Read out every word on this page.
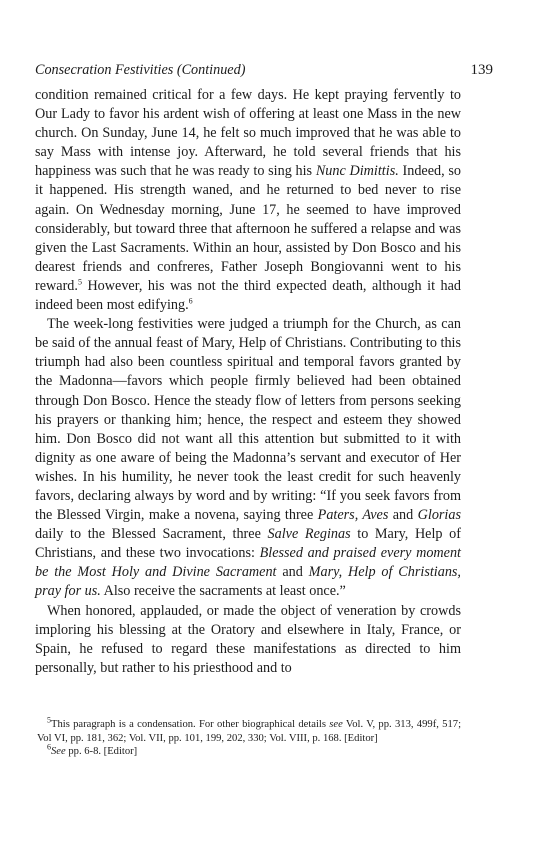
Consecration Festivities (Continued)	139

condition remained critical for a few days. He kept praying fervently to Our Lady to favor his ardent wish of offering at least one Mass in the new church. On Sunday, June 14, he felt so much improved that he was able to say Mass with intense joy. Afterward, he told several friends that his happiness was such that he was ready to sing his Nunc Dimittis. Indeed, so it happened. His strength waned, and he returned to bed never to rise again. On Wednesday morning, June 17, he seemed to have improved considerably, but toward three that afternoon he suffered a relapse and was given the Last Sacraments. Within an hour, assisted by Don Bosco and his dearest friends and confreres, Father Joseph Bongiovanni went to his reward.$^5$ However, his was not the third expected death, although it had indeed been most edifying.$^6$

The week-long festivities were judged a triumph for the Church, as can be said of the annual feast of Mary, Help of Christians. Contributing to this triumph had also been countless spiritual and temporal favors granted by the Madonna—favors which people firmly believed had been obtained through Don Bosco. Hence the steady flow of letters from persons seeking his prayers or thanking him; hence, the respect and esteem they showed him. Don Bosco did not want all this attention but submitted to it with dignity as one aware of being the Madonna’s servant and executor of Her wishes. In his humility, he never took the least credit for such heavenly favors, declaring always by word and by writing: “If you seek favors from the Blessed Virgin, make a novena, saying three Paters, Aves and Glorias daily to the Blessed Sacrament, three Salve Reginas to Mary, Help of Christians, and these two invocations: Blessed and praised every moment be the Most Holy and Divine Sacrament and Mary, Help of Christians, pray for us. Also receive the sacraments at least once.”

When honored, applauded, or made the object of veneration by crowds imploring his blessing at the Oratory and elsewhere in Italy, France, or Spain, he refused to regard these manifestations as directed to him personally, but rather to his priesthood and to

$^5$This paragraph is a condensation. For other biographical details see Vol. V, pp. 313, 499f, 517; Vol VI, pp. 181, 362; Vol. VII, pp. 101, 199, 202, 330; Vol. VIII, p. 168. [Editor]

$^6$See pp. 6-8. [Editor]
